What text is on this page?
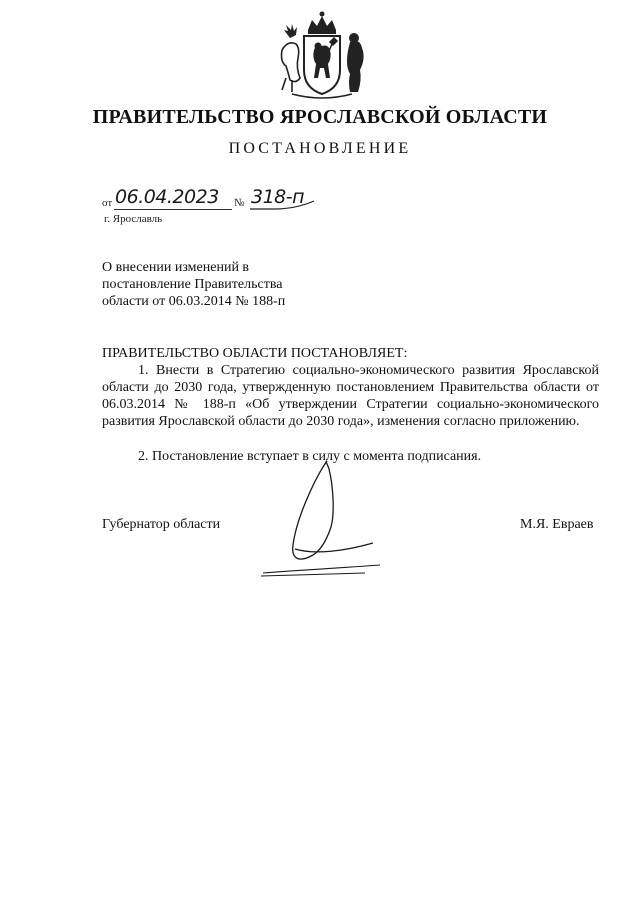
ПРАВИТЕЛЬСТВО ЯРОСЛАВСКОЙ ОБЛАСТИ
ПОСТАНОВЛЕНИЕ
от 06.04.2023 № 318-п
г. Ярославль
О внесении изменений в
постановление Правительства
области от 06.03.2014 № 188-п
ПРАВИТЕЛЬСТВО ОБЛАСТИ ПОСТАНОВЛЯЕТ:
1. Внести в Стратегию социально-экономического развития Ярославской области до 2030 года, утвержденную постановлением Правительства области от 06.03.2014 № 188-п «Об утверждении Стратегии социально-экономического развития Ярославской области до 2030 года», изменения согласно приложению.
2. Постановление вступает в силу с момента подписания.
Губернатор области	М.Я. Евраев
